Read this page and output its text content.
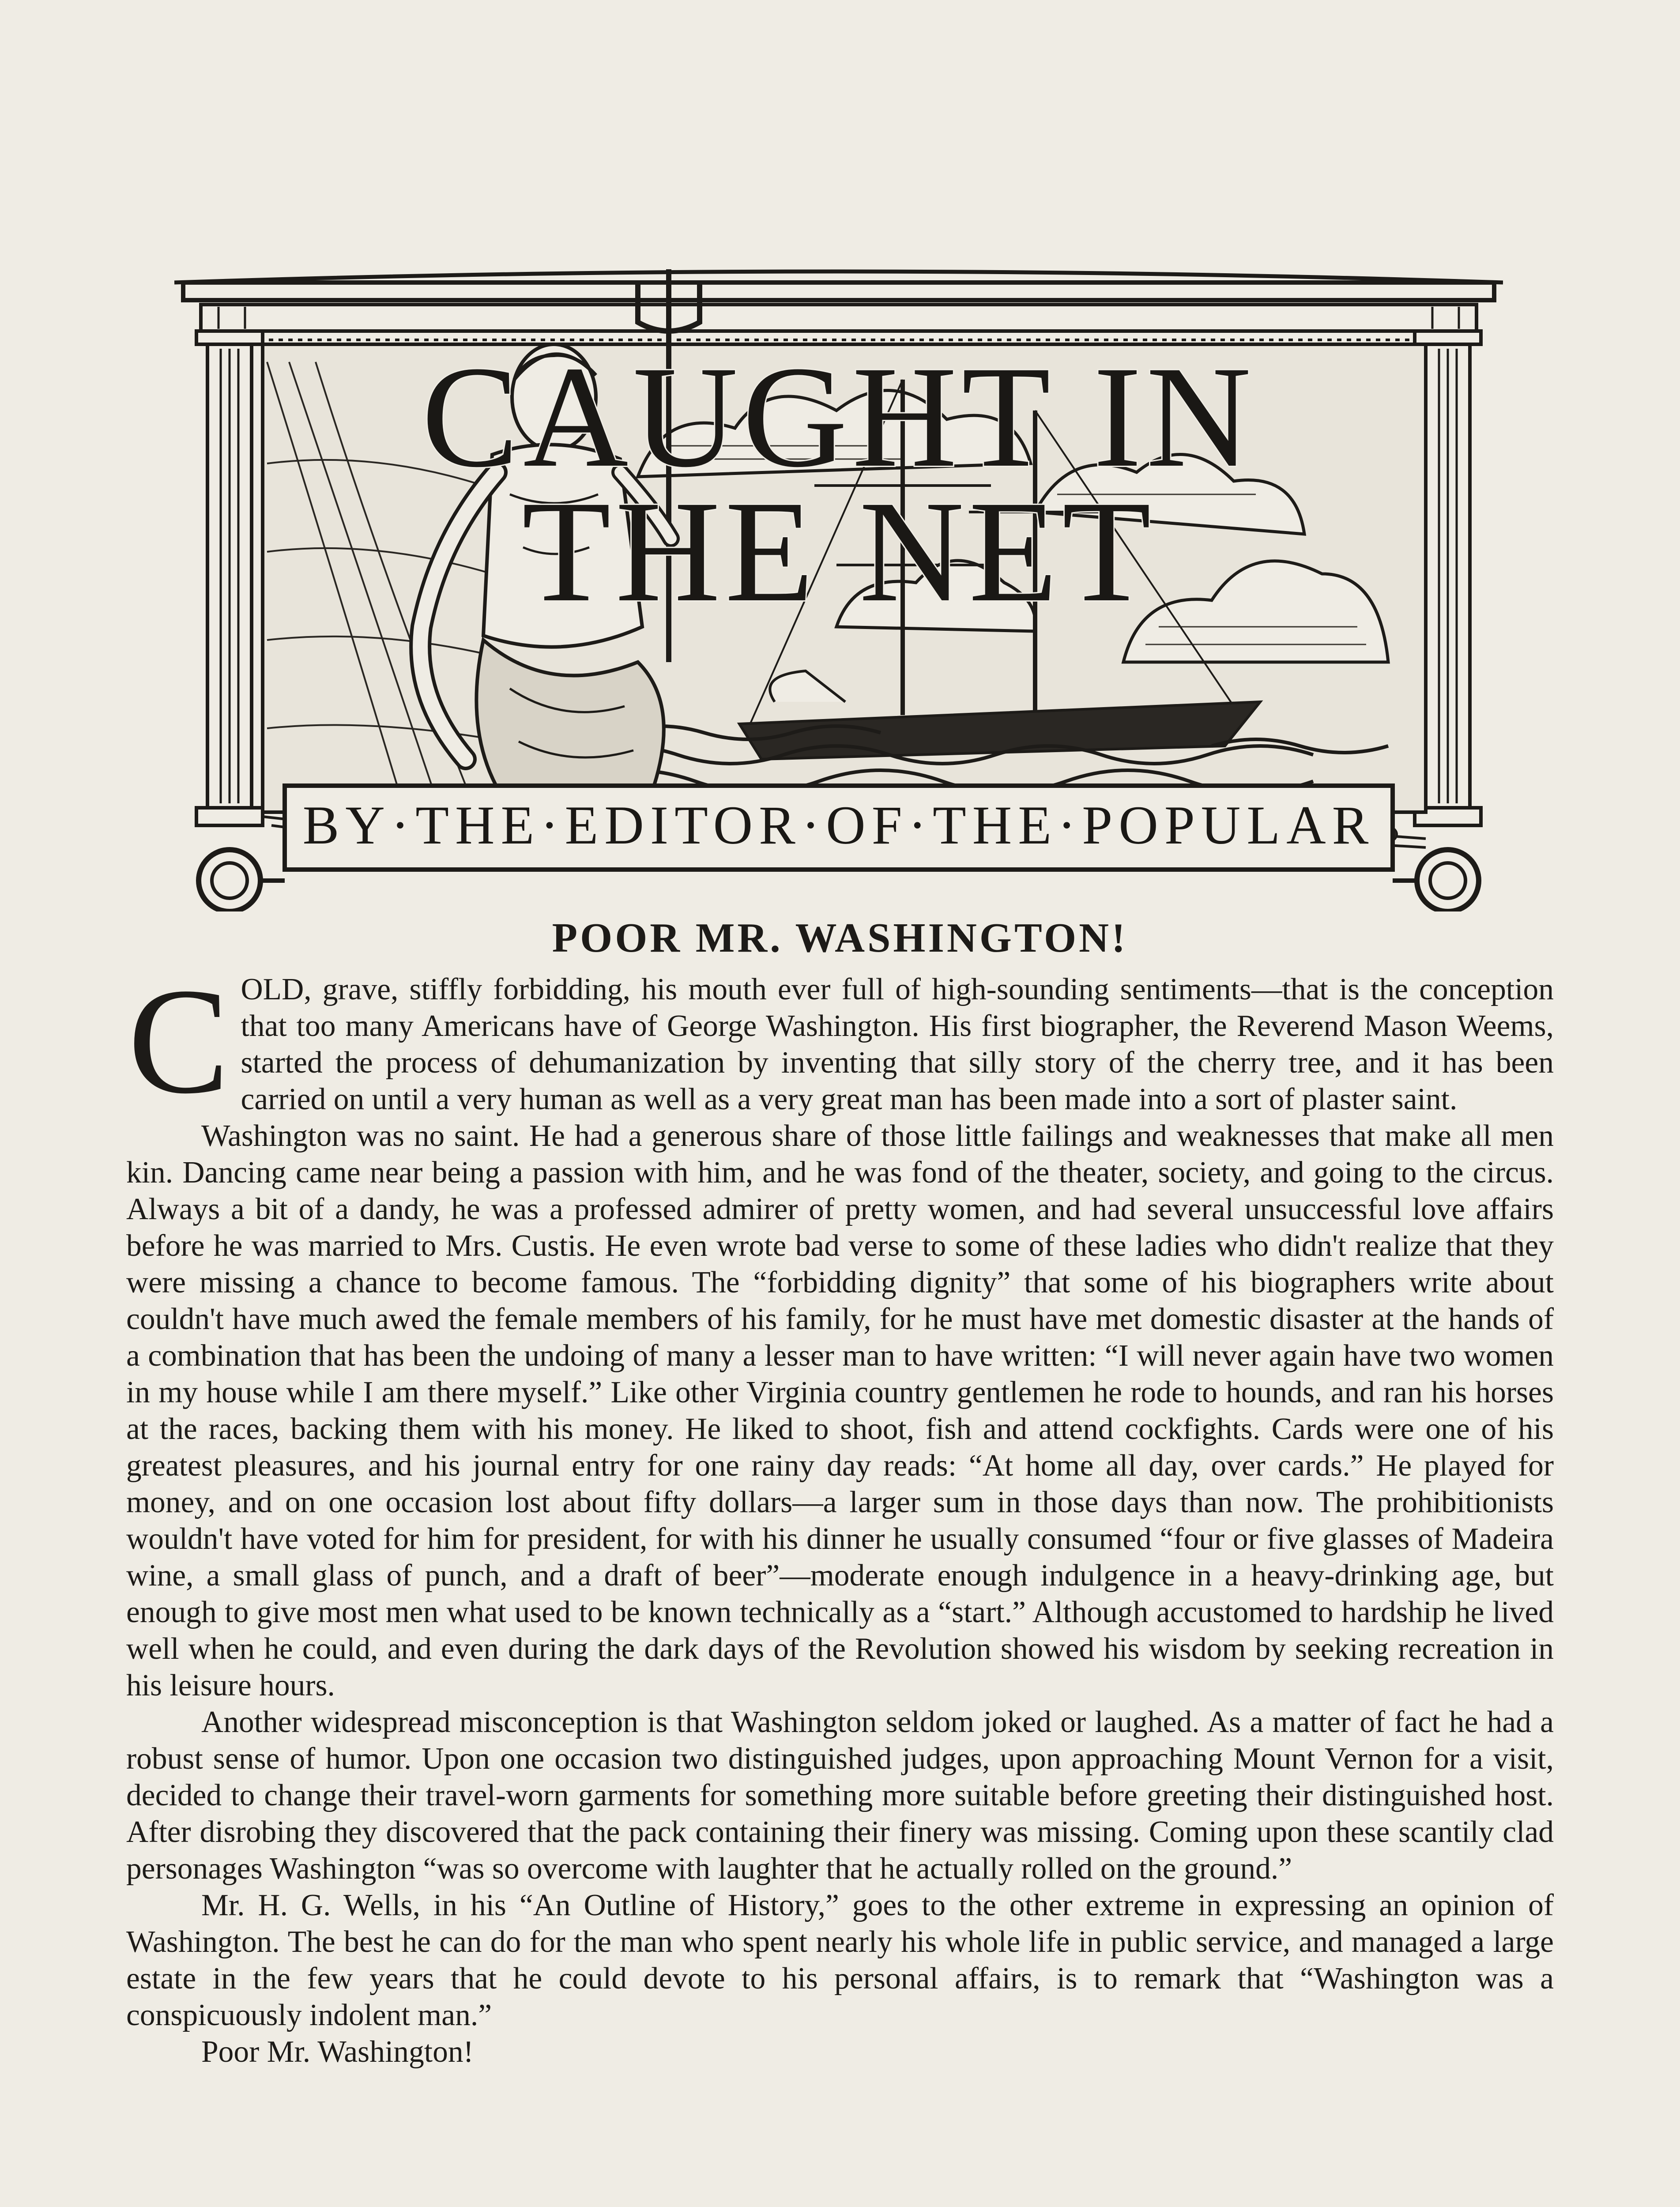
CAUGHT IN
THE NET
BY·THE·EDITOR·OF·THE·POPULAR
POOR MR. WASHINGTON!

COLD, grave, stiffly forbidding, his mouth ever full of high-sounding sentiments—that is the conception that too many Americans have of George Washington. His first biographer, the Reverend Mason Weems, started the process of dehumanization by inventing that silly story of the cherry tree, and it has been carried on until a very human as well as a very great man has been made into a sort of plaster saint.

Washington was no saint. He had a generous share of those little failings and weaknesses that make all men kin. Dancing came near being a passion with him, and he was fond of the theater, society, and going to the circus. Always a bit of a dandy, he was a professed admirer of pretty women, and had several unsuccessful love affairs before he was married to Mrs. Custis. He even wrote bad verse to some of these ladies who didn't realize that they were missing a chance to become famous. The “forbidding dignity” that some of his biographers write about couldn't have much awed the female members of his family, for he must have met domestic disaster at the hands of a combination that has been the undoing of many a lesser man to have written: “I will never again have two women in my house while I am there myself.” Like other Virginia country gentlemen he rode to hounds, and ran his horses at the races, backing them with his money. He liked to shoot, fish and attend cockfights. Cards were one of his greatest pleasures, and his journal entry for one rainy day reads: “At home all day, over cards.” He played for money, and on one occasion lost about fifty dollars—a larger sum in those days than now. The prohibitionists wouldn't have voted for him for president, for with his dinner he usually consumed “four or five glasses of Madeira wine, a small glass of punch, and a draft of beer”—moderate enough indulgence in a heavy-drinking age, but enough to give most men what used to be known technically as a “start.” Although accustomed to hardship he lived well when he could, and even during the dark days of the Revolution showed his wisdom by seeking recreation in his leisure hours.

Another widespread misconception is that Washington seldom joked or laughed. As a matter of fact he had a robust sense of humor. Upon one occasion two distinguished judges, upon approaching Mount Vernon for a visit, decided to change their travel-worn garments for something more suitable before greeting their distinguished host. After disrobing they discovered that the pack containing their finery was missing. Coming upon these scantily clad personages Washington “was so overcome with laughter that he actually rolled on the ground.”

Mr. H. G. Wells, in his “An Outline of History,” goes to the other extreme in expressing an opinion of Washington. The best he can do for the man who spent nearly his whole life in public service, and managed a large estate in the few years that he could devote to his personal affairs, is to remark that “Washington was a conspicuously indolent man.”

Poor Mr. Washington!
